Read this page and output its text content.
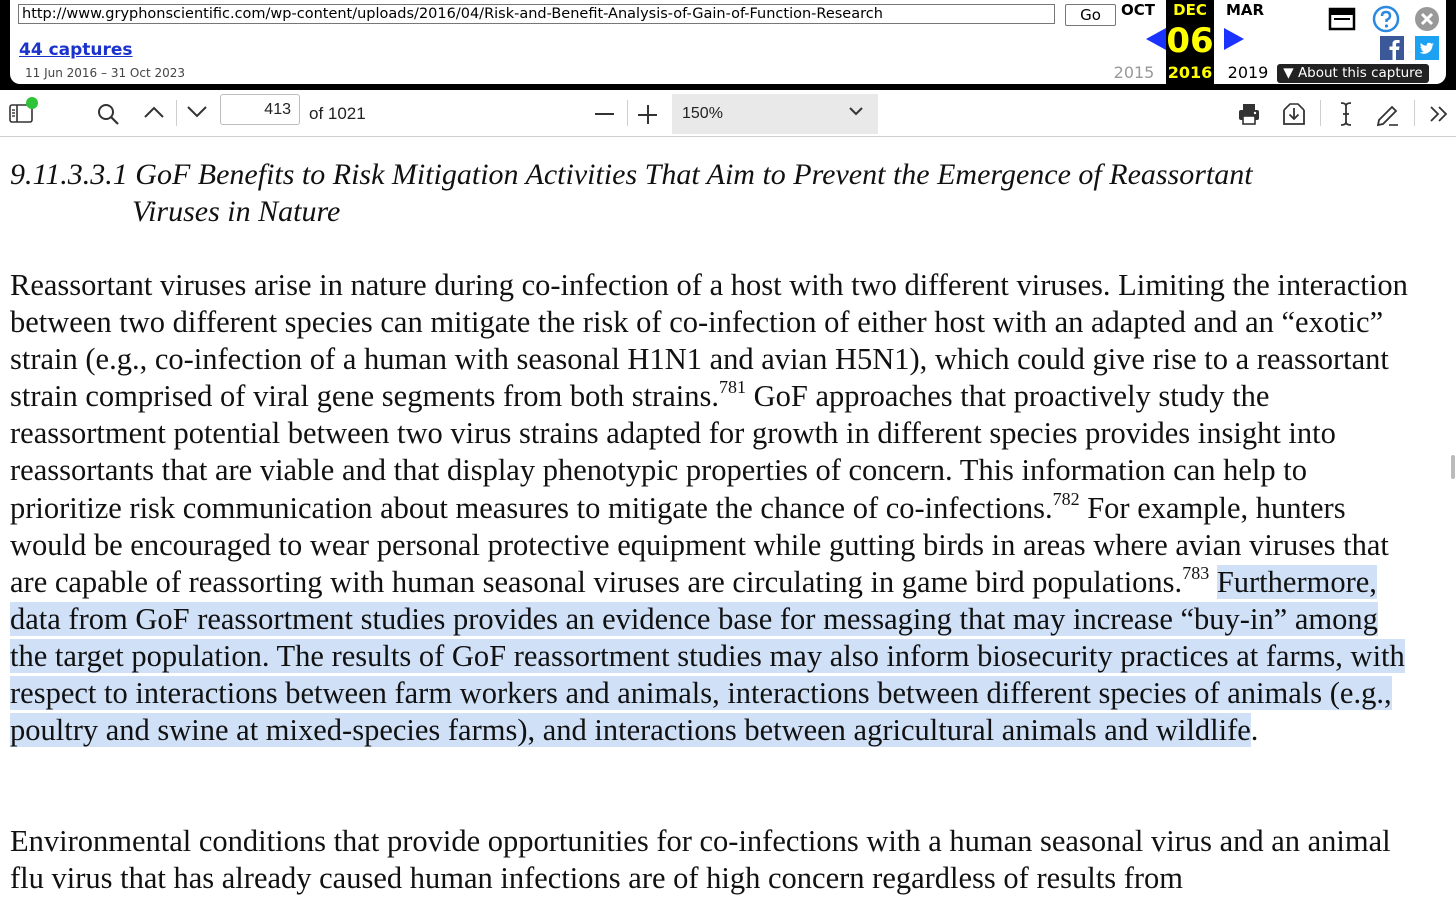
http://www.gryphonscientific.com/wp-content/uploads/2016/04/Risk-and-Benefit-Analysis-of-Gain-of-Function-Research	Go
44 captures
11 Jun 2016 – 31 Oct 2023
OCT	DEC	MAR
06
2015 2016 2019	▼ About this capture
413	of 1021	150%
9.11.3.3.1 GoF Benefits to Risk Mitigation Activities That Aim to Prevent the Emergence of Reassortant
Viruses in Nature

Reassortant viruses arise in nature during co-infection of a host with two different viruses. Limiting the interaction between two different species can mitigate the risk of co-infection of either host with an adapted and an “exotic” strain (e.g., co-infection of a human with seasonal H1N1 and avian H5N1), which could give rise to a reassortant strain comprised of viral gene segments from both strains.$^{781}$ GoF approaches that proactively study the reassortment potential between two virus strains adapted for growth in different species provides insight into reassortants that are viable and that display phenotypic properties of concern. This information can help to prioritize risk communication about measures to mitigate the chance of co-infections.$^{782}$ For example, hunters would be encouraged to wear personal protective equipment while gutting birds in areas where avian viruses that are capable of reassorting with human seasonal viruses are circulating in game bird populations.$^{783}$ Furthermore, data from GoF reassortment studies provides an evidence base for messaging that may increase “buy-in” among the target population. The results of GoF reassortment studies may also inform biosecurity practices at farms, with respect to interactions between farm workers and animals, interactions between different species of animals (e.g., poultry and swine at mixed-species farms), and interactions between agricultural animals and wildlife.

Environmental conditions that provide opportunities for co-infections with a human seasonal virus and an animal flu virus that has already caused human infections are of high concern regardless of results from
